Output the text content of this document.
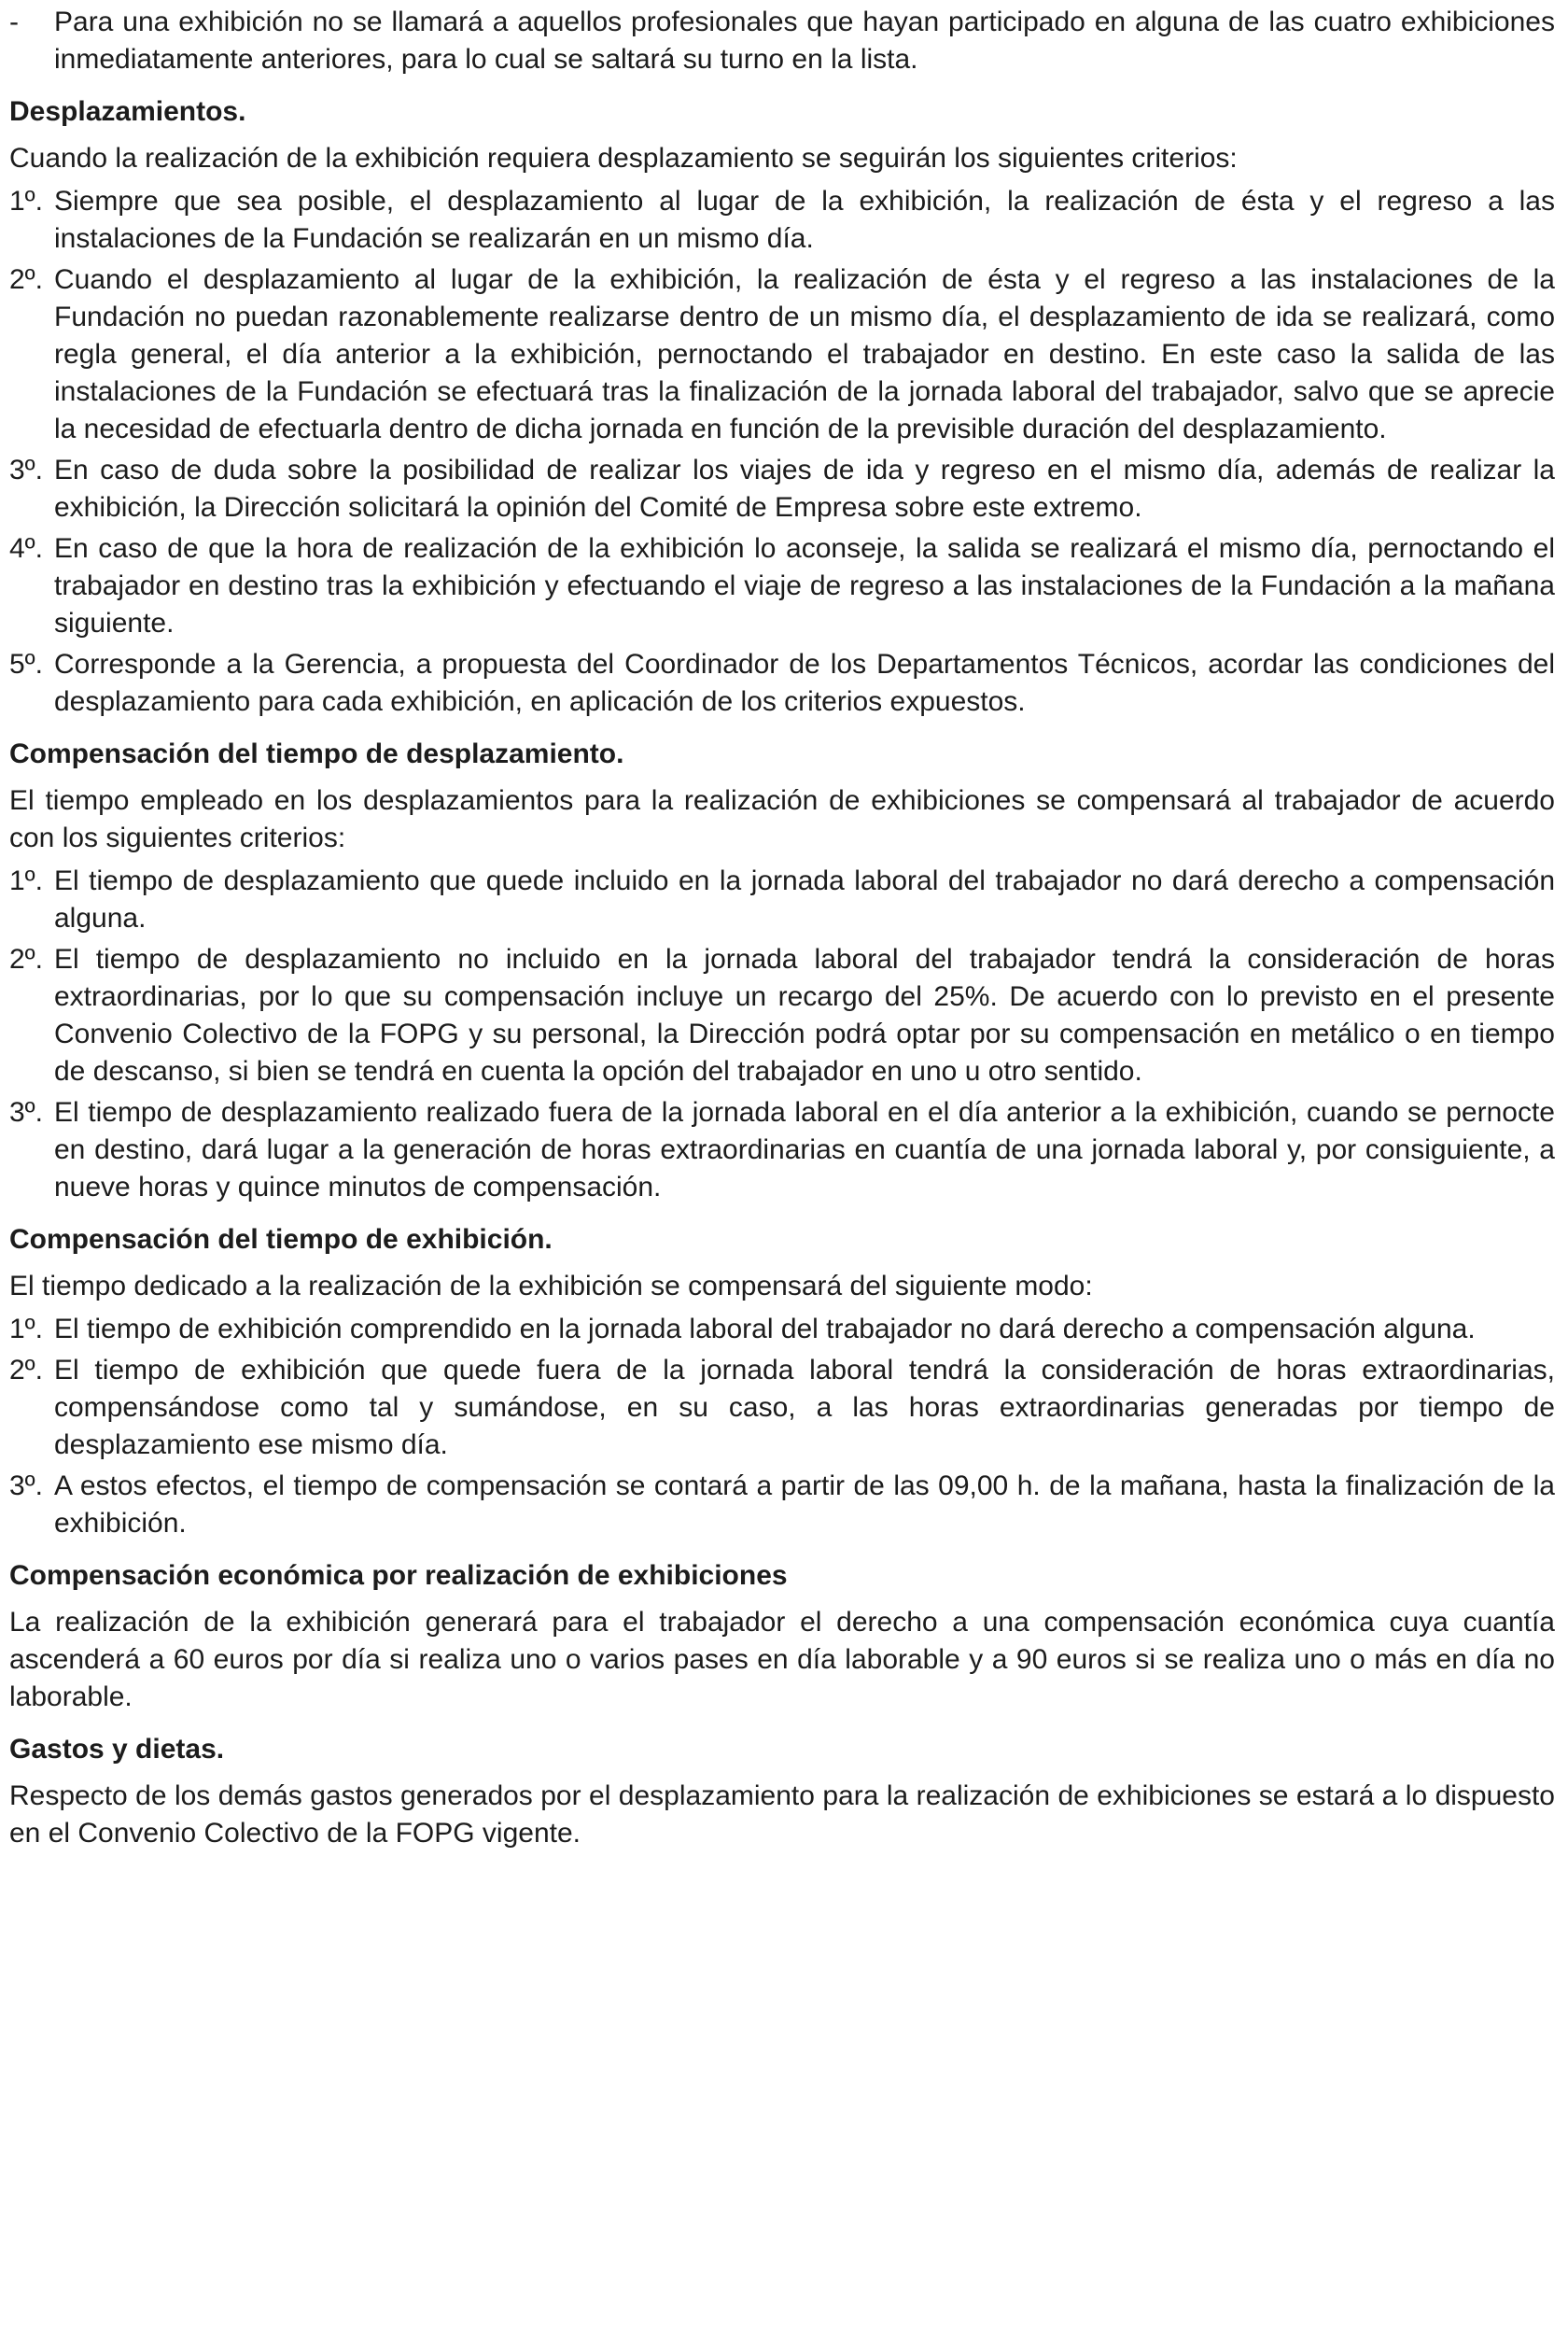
-	Para una exhibición no se llamará a aquellos profesionales que hayan participado en alguna de las cuatro exhibiciones inmediatamente anteriores, para lo cual se saltará su turno en la lista.
Desplazamientos.

Cuando la realización de la exhibición requiera desplazamiento se seguirán los siguientes criterios:

1º. Siempre que sea posible, el desplazamiento al lugar de la exhibición, la realización de ésta y el regreso a las instalaciones de la Fundación se realizarán en un mismo día.
2º. Cuando el desplazamiento al lugar de la exhibición, la realización de ésta y el regreso a las instalaciones de la Fundación no puedan razonablemente realizarse dentro de un mismo día, el desplazamiento de ida se realizará, como regla general, el día anterior a la exhibición, pernoctando el trabajador en destino. En este caso la salida de las instalaciones de la Fundación se efectuará tras la finalización de la jornada laboral del trabajador, salvo que se aprecie la necesidad de efectuarla dentro de dicha jornada en función de la previsible duración del desplazamiento.
3º. En caso de duda sobre la posibilidad de realizar los viajes de ida y regreso en el mismo día, además de realizar la exhibición, la Dirección solicitará la opinión del Comité de Empresa sobre este extremo.
4º. En caso de que la hora de realización de la exhibición lo aconseje, la salida se realizará el mismo día, pernoctando el trabajador en destino tras la exhibición y efectuando el viaje de regreso a las instalaciones de la Fundación a la mañana siguiente.
5º. Corresponde a la Gerencia, a propuesta del Coordinador de los Departamentos Técnicos, acordar las condiciones del desplazamiento para cada exhibición, en aplicación de los criterios expuestos.
Compensación del tiempo de desplazamiento.

El tiempo empleado en los desplazamientos para la realización de exhibiciones se compensará al trabajador de acuerdo con los siguientes criterios:

1º. El tiempo de desplazamiento que quede incluido en la jornada laboral del trabajador no dará derecho a compensación alguna.
2º. El tiempo de desplazamiento no incluido en la jornada laboral del trabajador tendrá la consideración de horas extraordinarias, por lo que su compensación incluye un recargo del 25%. De acuerdo con lo previsto en el presente Convenio Colectivo de la FOPG y su personal, la Dirección podrá optar por su compensación en metálico o en tiempo de descanso, si bien se tendrá en cuenta la opción del trabajador en uno u otro sentido.
3º. El tiempo de desplazamiento realizado fuera de la jornada laboral en el día anterior a la exhibición, cuando se pernocte en destino, dará lugar a la generación de horas extraordinarias en cuantía de una jornada laboral y, por consiguiente, a nueve horas y quince minutos de compensación.
Compensación del tiempo de exhibición.

El tiempo dedicado a la realización de la exhibición se compensará del siguiente modo:

1º. El tiempo de exhibición comprendido en la jornada laboral del trabajador no dará derecho a compensación alguna.
2º. El tiempo de exhibición que quede fuera de la jornada laboral tendrá la consideración de horas extraordinarias, compensándose como tal y sumándose, en su caso, a las horas extraordinarias generadas por tiempo de desplazamiento ese mismo día.
3º. A estos efectos, el tiempo de compensación se contará a partir de las 09,00 h. de la mañana, hasta la finalización de la exhibición.
Compensación económica por realización de exhibiciones

La realización de la exhibición generará para el trabajador el derecho a una compensación económica cuya cuantía ascenderá a 60 euros por día si realiza uno o varios pases en día laborable y a 90 euros si se realiza uno o más en día no laborable.

Gastos y dietas.

Respecto de los demás gastos generados por el desplazamiento para la realización de exhibiciones se estará a lo dispuesto en el Convenio Colectivo de la FOPG vigente.
